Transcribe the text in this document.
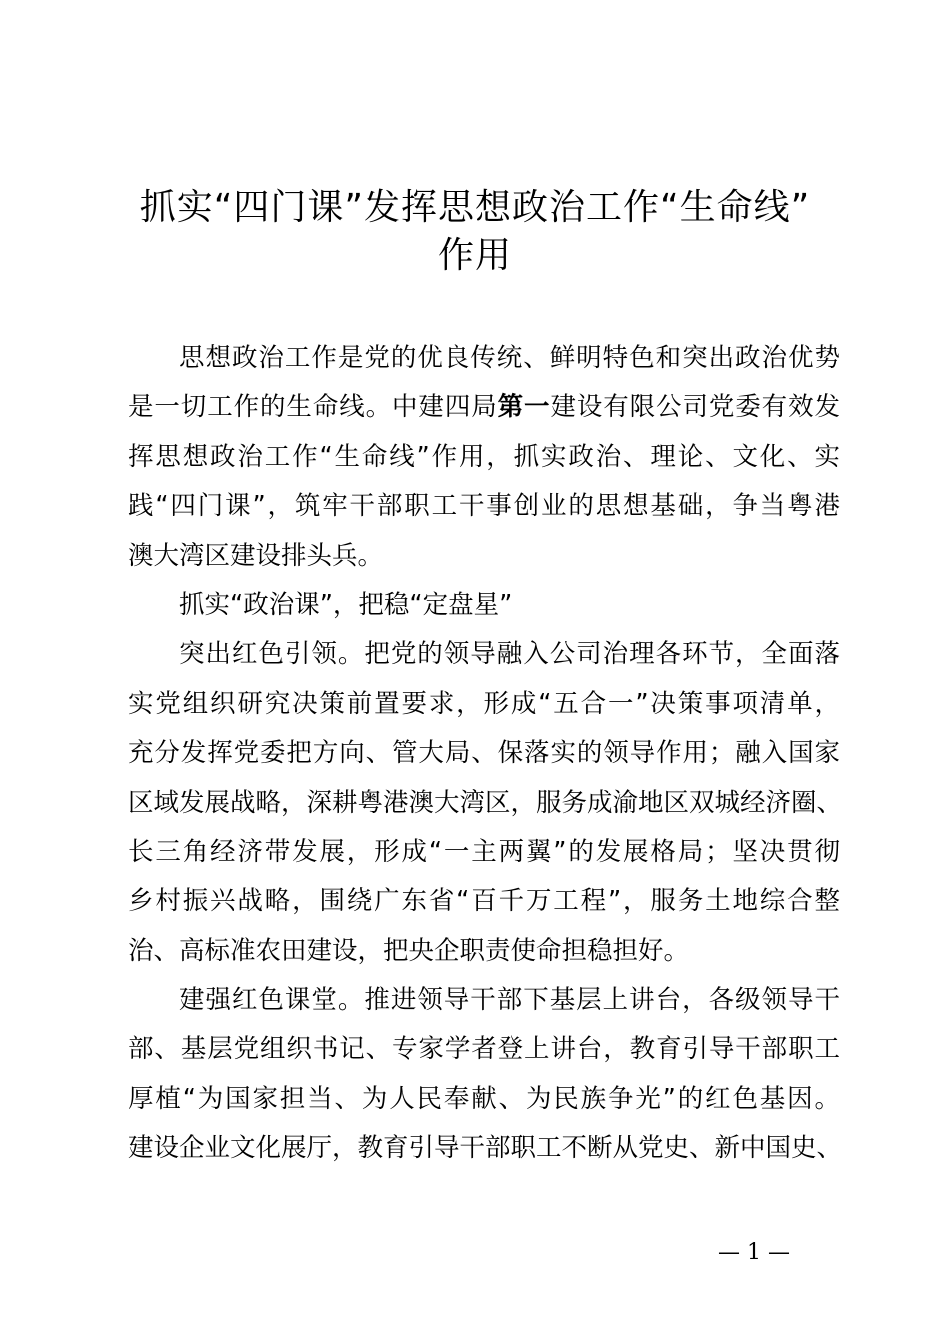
抓实“四门课”发挥思想政治工作“生命线”
作用
思想政治工作是党的优良传统、鲜明特色和突出政治优势
是一切工作的生命线。中建四局第一建设有限公司党委有效发
挥思想政治工作“生命线”作用，抓实政治、理论、文化、实
践“四门课”，筑牢干部职工干事创业的思想基础，争当粤港
澳大湾区建设排头兵。
抓实“政治课”，把稳“定盘星”
突出红色引领。把党的领导融入公司治理各环节，全面落
实党组织研究决策前置要求，形成“五合一”决策事项清单，
充分发挥党委把方向、管大局、保落实的领导作用；融入国家
区域发展战略，深耕粤港澳大湾区，服务成渝地区双城经济圈、
长三角经济带发展，形成“一主两翼”的发展格局；坚决贯彻
乡村振兴战略，围绕广东省“百千万工程”，服务土地综合整
治、高标准农田建设，把央企职责使命担稳担好。
建强红色课堂。推进领导干部下基层上讲台，各级领导干
部、基层党组织书记、专家学者登上讲台，教育引导干部职工
厚植“为国家担当、为人民奉献、为民族争光”的红色基因。
建设企业文化展厅，教育引导干部职工不断从党史、新中国史、
— 1 —
